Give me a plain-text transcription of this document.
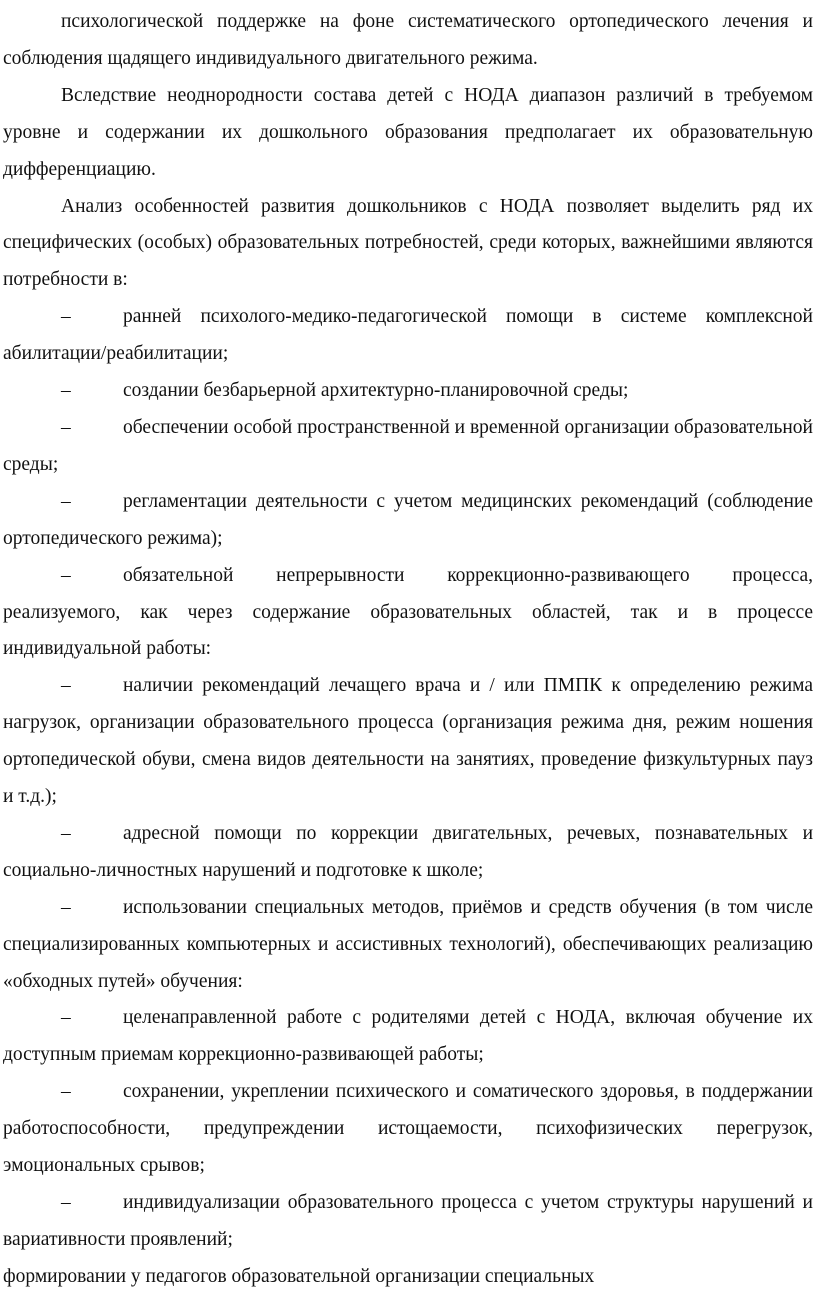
психологической поддержке на фоне систематического ортопедического лечения и соблюдения щадящего индивидуального двигательного режима.

Вследствие неоднородности состава детей с НОДА диапазон различий в требуемом уровне и содержании их дошкольного образования предполагает их образовательную дифференциацию.

Анализ особенностей развития дошкольников с НОДА позволяет выделить ряд их специфических (особых) образовательных потребностей, среди которых, важнейшими являются потребности в:

–	ранней психолого-медико-педагогической помощи в системе комплексной абилитации/реабилитации;

–	создании безбарьерной архитектурно-планировочной среды;

–	обеспечении особой пространственной и временной организации образовательной среды;

–	регламентации деятельности с учетом медицинских рекомендаций (соблюдение ортопедического режима);

–	обязательной непрерывности коррекционно-развивающего процесса, реализуемого, как через содержание образовательных областей, так и в процессе индивидуальной работы:

–	наличии рекомендаций лечащего врача и / или ПМПК к определению режима нагрузок, организации образовательного процесса (организация режима дня, режим ношения ортопедической обуви, смена видов деятельности на занятиях, проведение физкультурных пауз и т.д.);

–	адресной помощи по коррекции двигательных, речевых, познавательных и социально-личностных нарушений и подготовке к школе;

–	использовании специальных методов, приёмов и средств обучения (в том числе специализированных компьютерных и ассистивных технологий), обеспечивающих реализацию «обходных путей» обучения:

–	целенаправленной работе с родителями детей с НОДА, включая обучение их доступным приемам коррекционно-развивающей работы;

–	сохранении, укреплении психического и соматического здоровья, в поддержании работоспособности, предупреждении истощаемости, психофизических перегрузок, эмоциональных срывов;

–	индивидуализации образовательного процесса с учетом структуры нарушений и вариативности проявлений;

формировании у педагогов образовательной организации специальных
